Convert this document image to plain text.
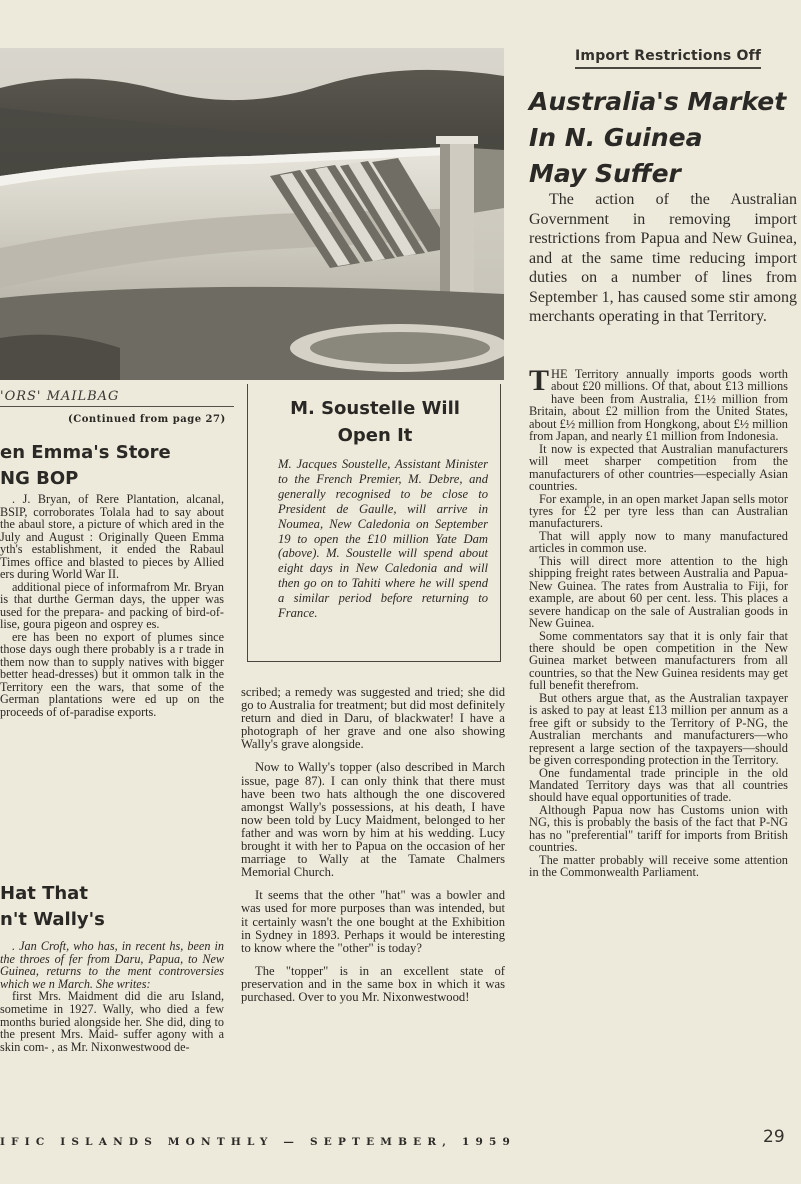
Import Restrictions Off
Australia's Market
In N. Guinea
May Suffer
The action of the Australian Government in removing import restrictions from Papua and New Guinea, and at the same time reducing import duties on a number of lines from September 1, has caused some stir among merchants operating in that Territory.

THE Territory annually imports goods worth about £20 millions. Of that, about £13 millions have been from Australia, £1½ million from Britain, about £2 million from the United States, about £½ million from Hongkong, about £½ million from Japan, and nearly £1 million from Indonesia.

It now is expected that Australian manufacturers will meet sharper competition from the manufacturers of other countries—especially Asian countries.

For example, in an open market Japan sells motor tyres for £2 per tyre less than can Australian manufacturers.

That will apply now to many manufactured articles in common use.

This will direct more attention to the high shipping freight rates between Australia and Papua-New Guinea. The rates from Australia to Fiji, for example, are about 60 per cent. less. This places a severe handicap on the sale of Australian goods in New Guinea.

Some commentators say that it is only fair that there should be open competition in the New Guinea market between manufacturers from all countries, so that the New Guinea residents may get full benefit therefrom.

But others argue that, as the Australian taxpayer is asked to pay at least £13 million per annum as a free gift or subsidy to the Territory of P-NG, the Australian merchants and manufacturers—who represent a large section of the taxpayers—should be given corresponding protection in the Territory.

One fundamental trade principle in the old Mandated Territory days was that all countries should have equal opportunities of trade.

Although Papua now has Customs union with NG, this is probably the basis of the fact that P-NG has no "preferential" tariff for imports from British countries.

The matter probably will receive some attention in the Commonwealth Parliament.

'ORS' MAILBAG
(Continued from page 27)
en Emma's Store
NG BOP

. J. Bryan, of Rere Plantation, alcanal, BSIP, corroborates Tolala had to say about the abaul store, a picture of which ared in the July and August : Originally Queen Emma yth's establishment, it ended the Rabaul Times office and blasted to pieces by Allied ers during World War II.

additional piece of informafrom Mr. Bryan is that durthe German days, the upper was used for the prepara- and packing of bird-of- lise, goura pigeon and osprey es.

ere has been no export of plumes since those days ough there probably is a r trade in them now than to supply natives with bigger better head-dresses) but it ommon talk in the Territory een the wars, that some of the German plantations were ed up on the proceeds of of-paradise exports.

Hat That
n't Wally's

. Jan Croft, who has, in recent hs, been in the throes of fer from Daru, Papua, to New Guinea, returns to the ment controversies which we n March. She writes:

first Mrs. Maidment did die aru Island, sometime in 1927. Wally, who died a few months buried alongside her. She did, ding to the present Mrs. Maid- suffer agony with a skin com- , as Mr. Nixonwestwood de-

M. Soustelle Will
Open It
M. Jacques Soustelle, Assistant Minister to the French Premier, M. Debre, and generally recognised to be close to President de Gaulle, will arrive in Noumea, New Caledonia on September 19 to open the £10 million Yate Dam (above). M. Soustelle will spend about eight days in New Caledonia and will then go on to Tahiti where he will spend a similar period before returning to France.

scribed; a remedy was suggested and tried; she did go to Australia for treatment; but did most definitely return and died in Daru, of blackwater! I have a photograph of her grave and one also showing Wally's grave alongside.

Now to Wally's topper (also described in March issue, page 87). I can only think that there must have been two hats although the one discovered amongst Wally's possessions, at his death, I have now been told by Lucy Maidment, belonged to her father and was worn by him at his wedding. Lucy brought it with her to Papua on the occasion of her marriage to Wally at the Tamate Chalmers Memorial Church.

It seems that the other "hat" was a bowler and was used for more purposes than was intended, but it certainly wasn't the one bought at the Exhibition in Sydney in 1893. Perhaps it would be interesting to know where the "other" is today?

The "topper" is in an excellent state of preservation and in the same box in which it was purchased. Over to you Mr. Nixonwestwood!

IFIC ISLANDS MONTHLY — SEPTEMBER, 1959	29
